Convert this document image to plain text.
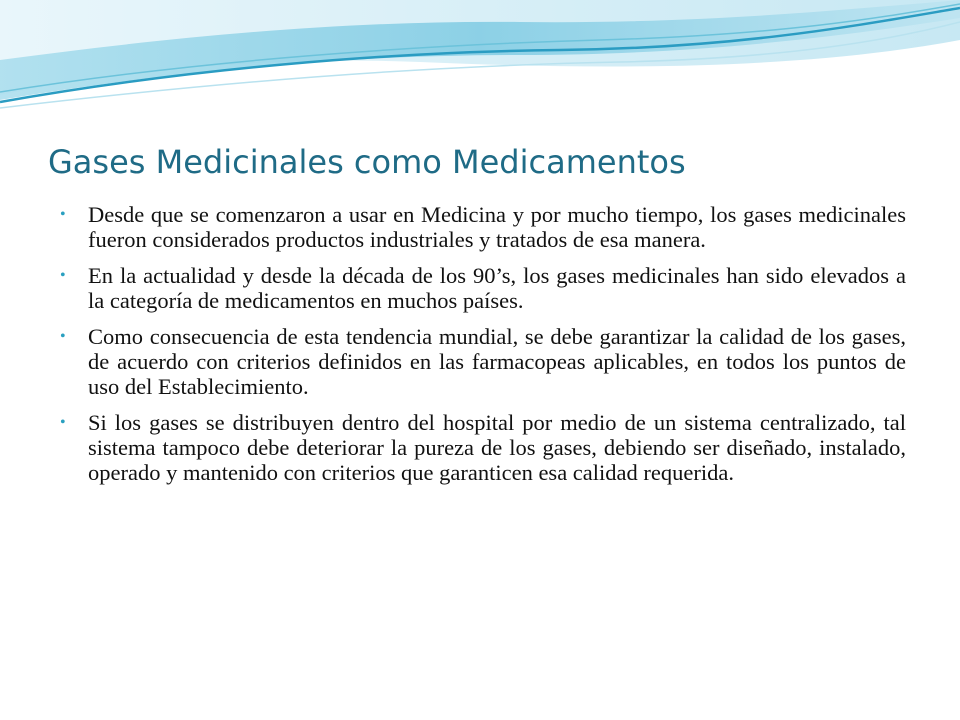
Gases Medicinales como Medicamentos
• Desde que se comenzaron a usar en Medicina y por mucho tiempo, los gases medicinales fueron considerados productos industriales y tratados de esa manera.
• En la actualidad y desde la década de los 90’s, los gases medicinales han sido elevados a la categoría de medicamentos en muchos países.
• Como consecuencia de esta tendencia mundial, se debe garantizar la calidad de los gases, de acuerdo con criterios definidos en las farmacopeas aplicables, en todos los puntos de uso del Establecimiento.
• Si los gases se distribuyen dentro del hospital por medio de un sistema centralizado, tal sistema tampoco debe deteriorar la pureza de los gases, debiendo ser diseñado, instalado, operado y mantenido con criterios que garanticen esa calidad requerida.
